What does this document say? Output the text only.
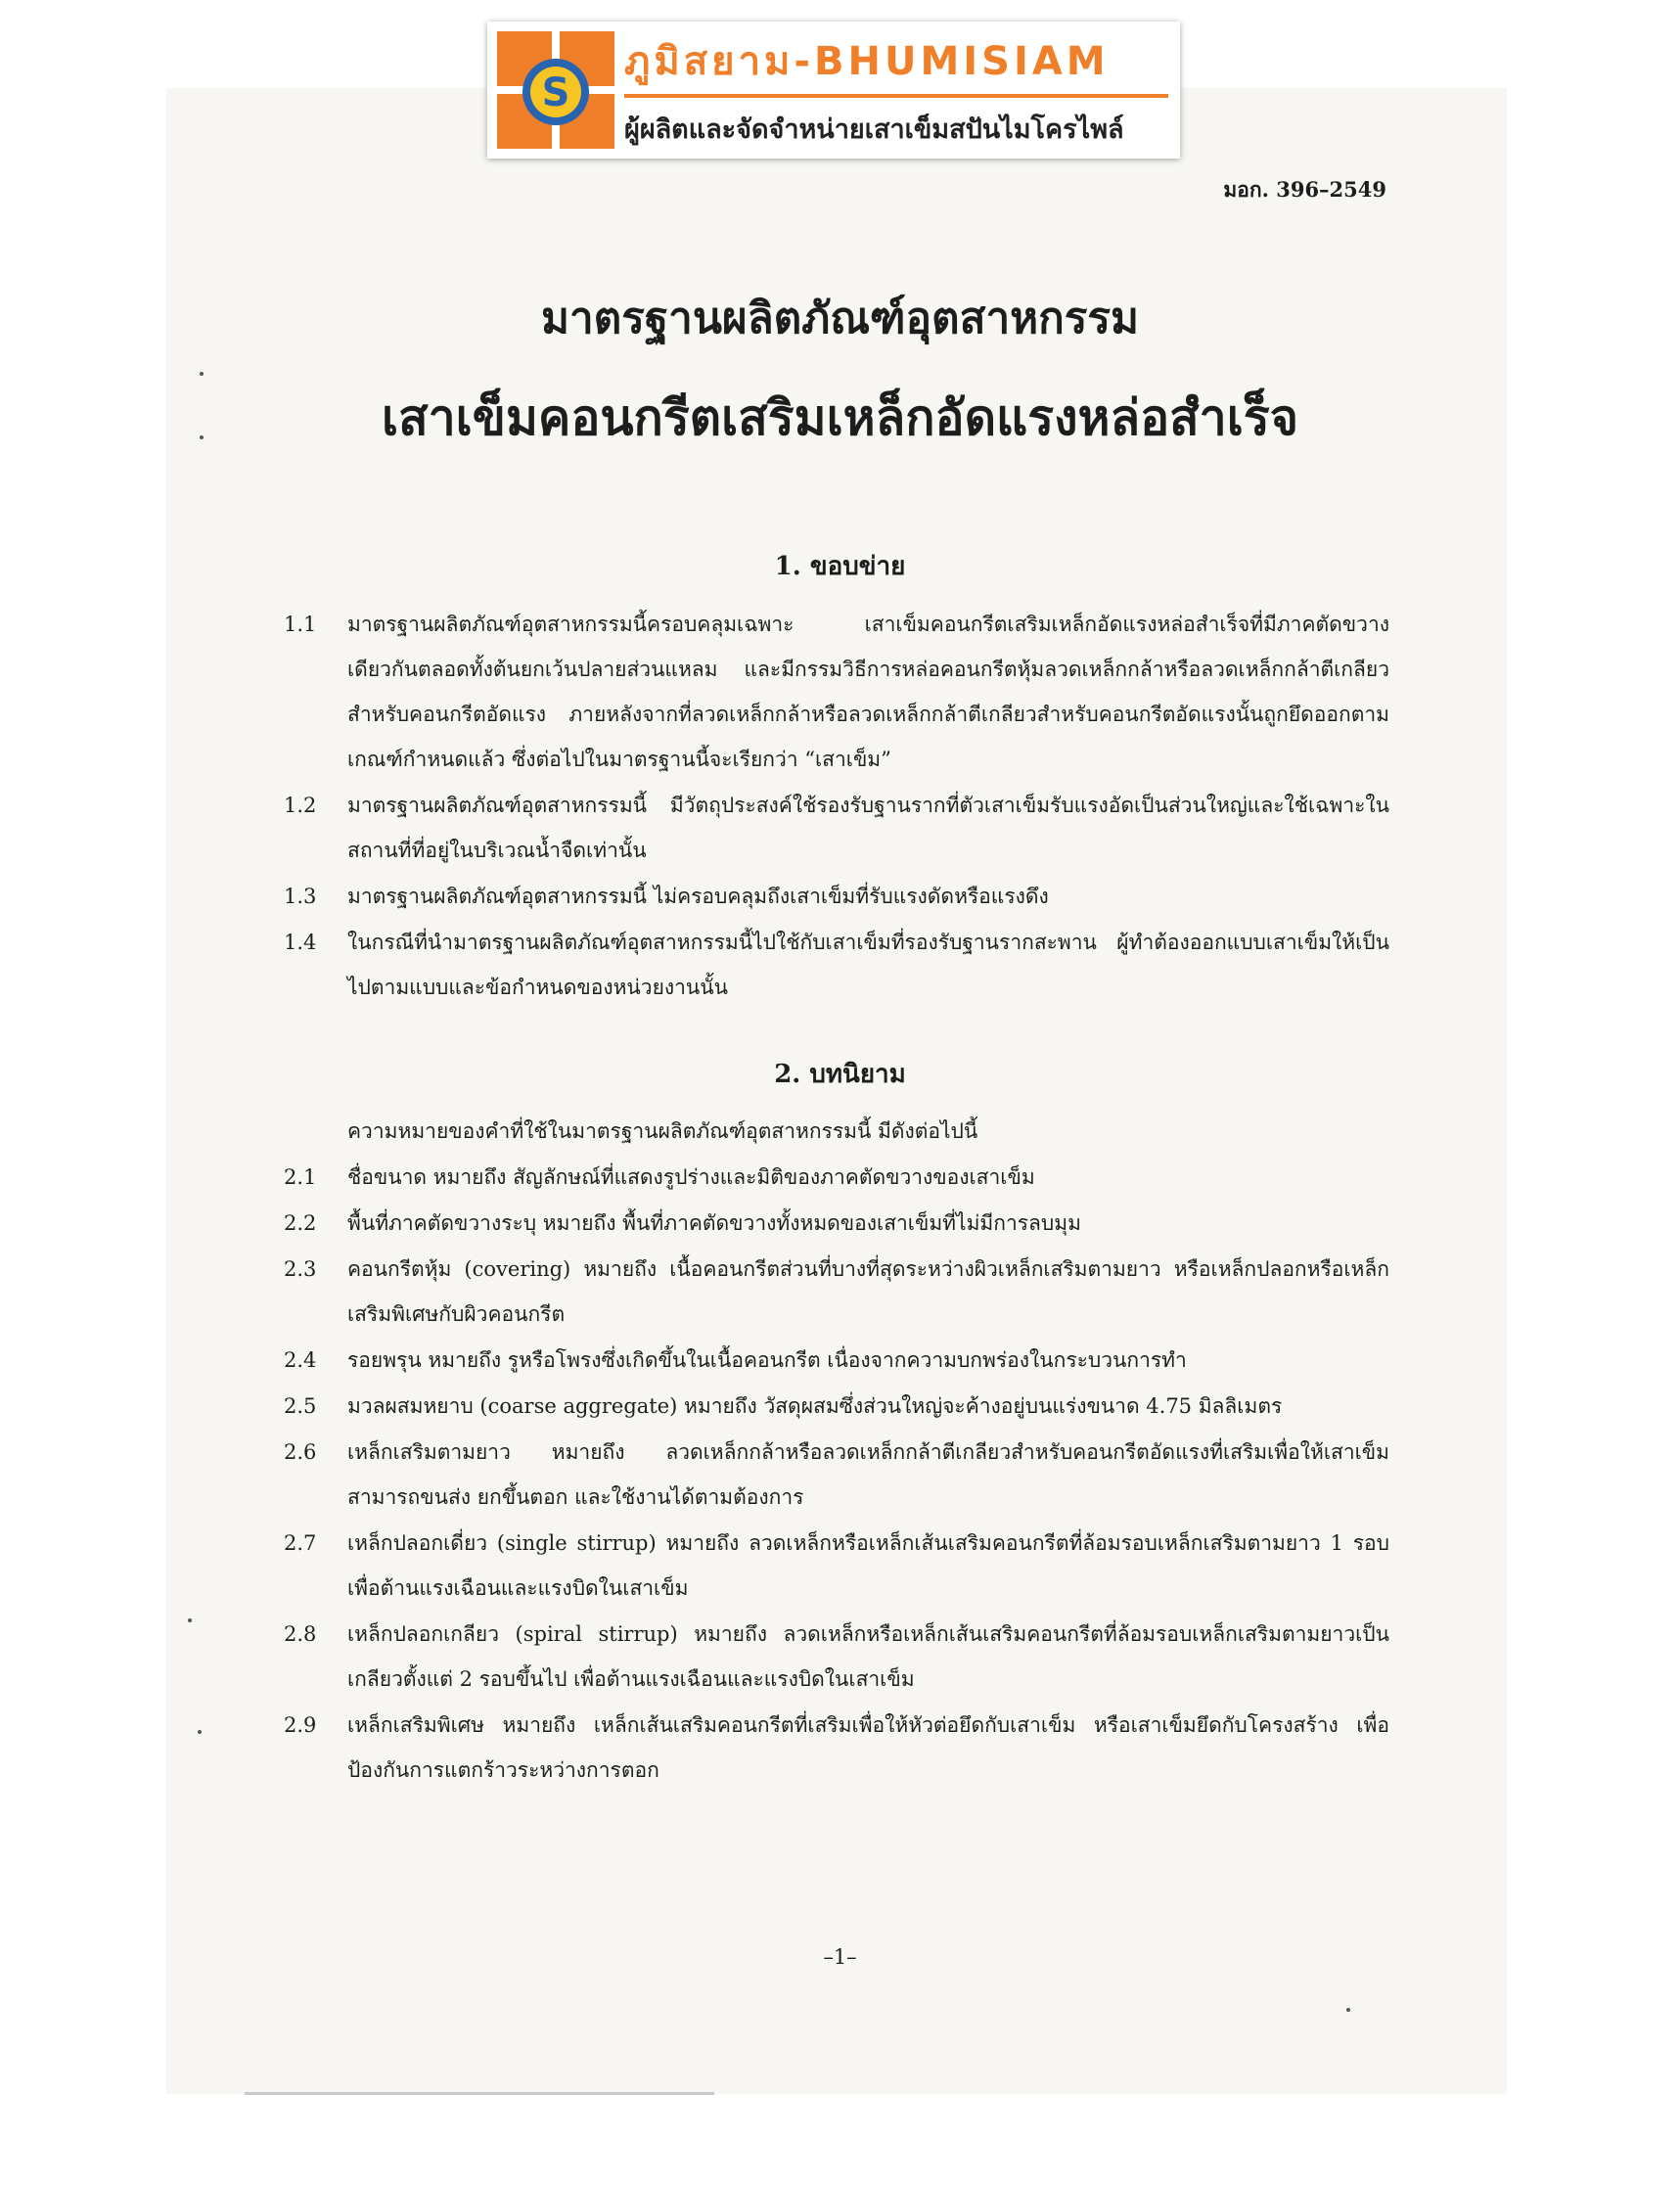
S
ภูมิสยาม-BHUMISIAM
ผู้ผลิตและจัดจำหน่ายเสาเข็มสปันไมโครไพล์
มอก. 396–2549
มาตรฐานผลิตภัณฑ์อุตสาหกรรม
เสาเข็มคอนกรีตเสริมเหล็กอัดแรงหล่อสำเร็จ
1. ขอบข่าย
1.1 มาตรฐานผลิตภัณฑ์อุตสาหกรรมนี้ครอบคลุมเฉพาะ เสาเข็มคอนกรีตเสริมเหล็กอัดแรงหล่อสำเร็จที่มีภาคตัดขวางเดียวกันตลอดทั้งต้นยกเว้นปลายส่วนแหลม และมีกรรมวิธีการหล่อคอนกรีตหุ้มลวดเหล็กกล้าหรือลวดเหล็กกล้าตีเกลียวสำหรับคอนกรีตอัดแรง ภายหลังจากที่ลวดเหล็กกล้าหรือลวดเหล็กกล้าตีเกลียวสำหรับคอนกรีตอัดแรงนั้นถูกยึดออกตามเกณฑ์กำหนดแล้ว ซึ่งต่อไปในมาตรฐานนี้จะเรียกว่า “เสาเข็ม”
1.2 มาตรฐานผลิตภัณฑ์อุตสาหกรรมนี้ มีวัตถุประสงค์ใช้รองรับฐานรากที่ตัวเสาเข็มรับแรงอัดเป็นส่วนใหญ่และใช้เฉพาะในสถานที่ที่อยู่ในบริเวณน้ำจืดเท่านั้น
1.3 มาตรฐานผลิตภัณฑ์อุตสาหกรรมนี้ ไม่ครอบคลุมถึงเสาเข็มที่รับแรงดัดหรือแรงดึง
1.4 ในกรณีที่นำมาตรฐานผลิตภัณฑ์อุตสาหกรรมนี้ไปใช้กับเสาเข็มที่รองรับฐานรากสะพาน ผู้ทำต้องออกแบบเสาเข็มให้เป็นไปตามแบบและข้อกำหนดของหน่วยงานนั้น
2. บทนิยาม
ความหมายของคำที่ใช้ในมาตรฐานผลิตภัณฑ์อุตสาหกรรมนี้ มีดังต่อไปนี้
2.1 ชื่อขนาด หมายถึง สัญลักษณ์ที่แสดงรูปร่างและมิติของภาคตัดขวางของเสาเข็ม
2.2 พื้นที่ภาคตัดขวางระบุ หมายถึง พื้นที่ภาคตัดขวางทั้งหมดของเสาเข็มที่ไม่มีการลบมุม
2.3 คอนกรีตหุ้ม (covering) หมายถึง เนื้อคอนกรีตส่วนที่บางที่สุดระหว่างผิวเหล็กเสริมตามยาว หรือเหล็กปลอกหรือเหล็กเสริมพิเศษกับผิวคอนกรีต
2.4 รอยพรุน หมายถึง รูหรือโพรงซึ่งเกิดขึ้นในเนื้อคอนกรีต เนื่องจากความบกพร่องในกระบวนการทำ
2.5 มวลผสมหยาบ (coarse aggregate) หมายถึง วัสดุผสมซึ่งส่วนใหญ่จะค้างอยู่บนแร่งขนาด 4.75 มิลลิเมตร
2.6 เหล็กเสริมตามยาว หมายถึง ลวดเหล็กกล้าหรือลวดเหล็กกล้าตีเกลียวสำหรับคอนกรีตอัดแรงที่เสริมเพื่อให้เสาเข็มสามารถขนส่ง ยกขึ้นตอก และใช้งานได้ตามต้องการ
2.7 เหล็กปลอกเดี่ยว (single stirrup) หมายถึง ลวดเหล็กหรือเหล็กเส้นเสริมคอนกรีตที่ล้อมรอบเหล็กเสริมตามยาว 1 รอบ เพื่อต้านแรงเฉือนและแรงบิดในเสาเข็ม
2.8 เหล็กปลอกเกลียว (spiral stirrup) หมายถึง ลวดเหล็กหรือเหล็กเส้นเสริมคอนกรีตที่ล้อมรอบเหล็กเสริมตามยาวเป็นเกลียวตั้งแต่ 2 รอบขึ้นไป เพื่อต้านแรงเฉือนและแรงบิดในเสาเข็ม
2.9 เหล็กเสริมพิเศษ หมายถึง เหล็กเส้นเสริมคอนกรีตที่เสริมเพื่อให้หัวต่อยึดกับเสาเข็ม หรือเสาเข็มยึดกับโครงสร้าง เพื่อป้องกันการแตกร้าวระหว่างการตอก
–1–
